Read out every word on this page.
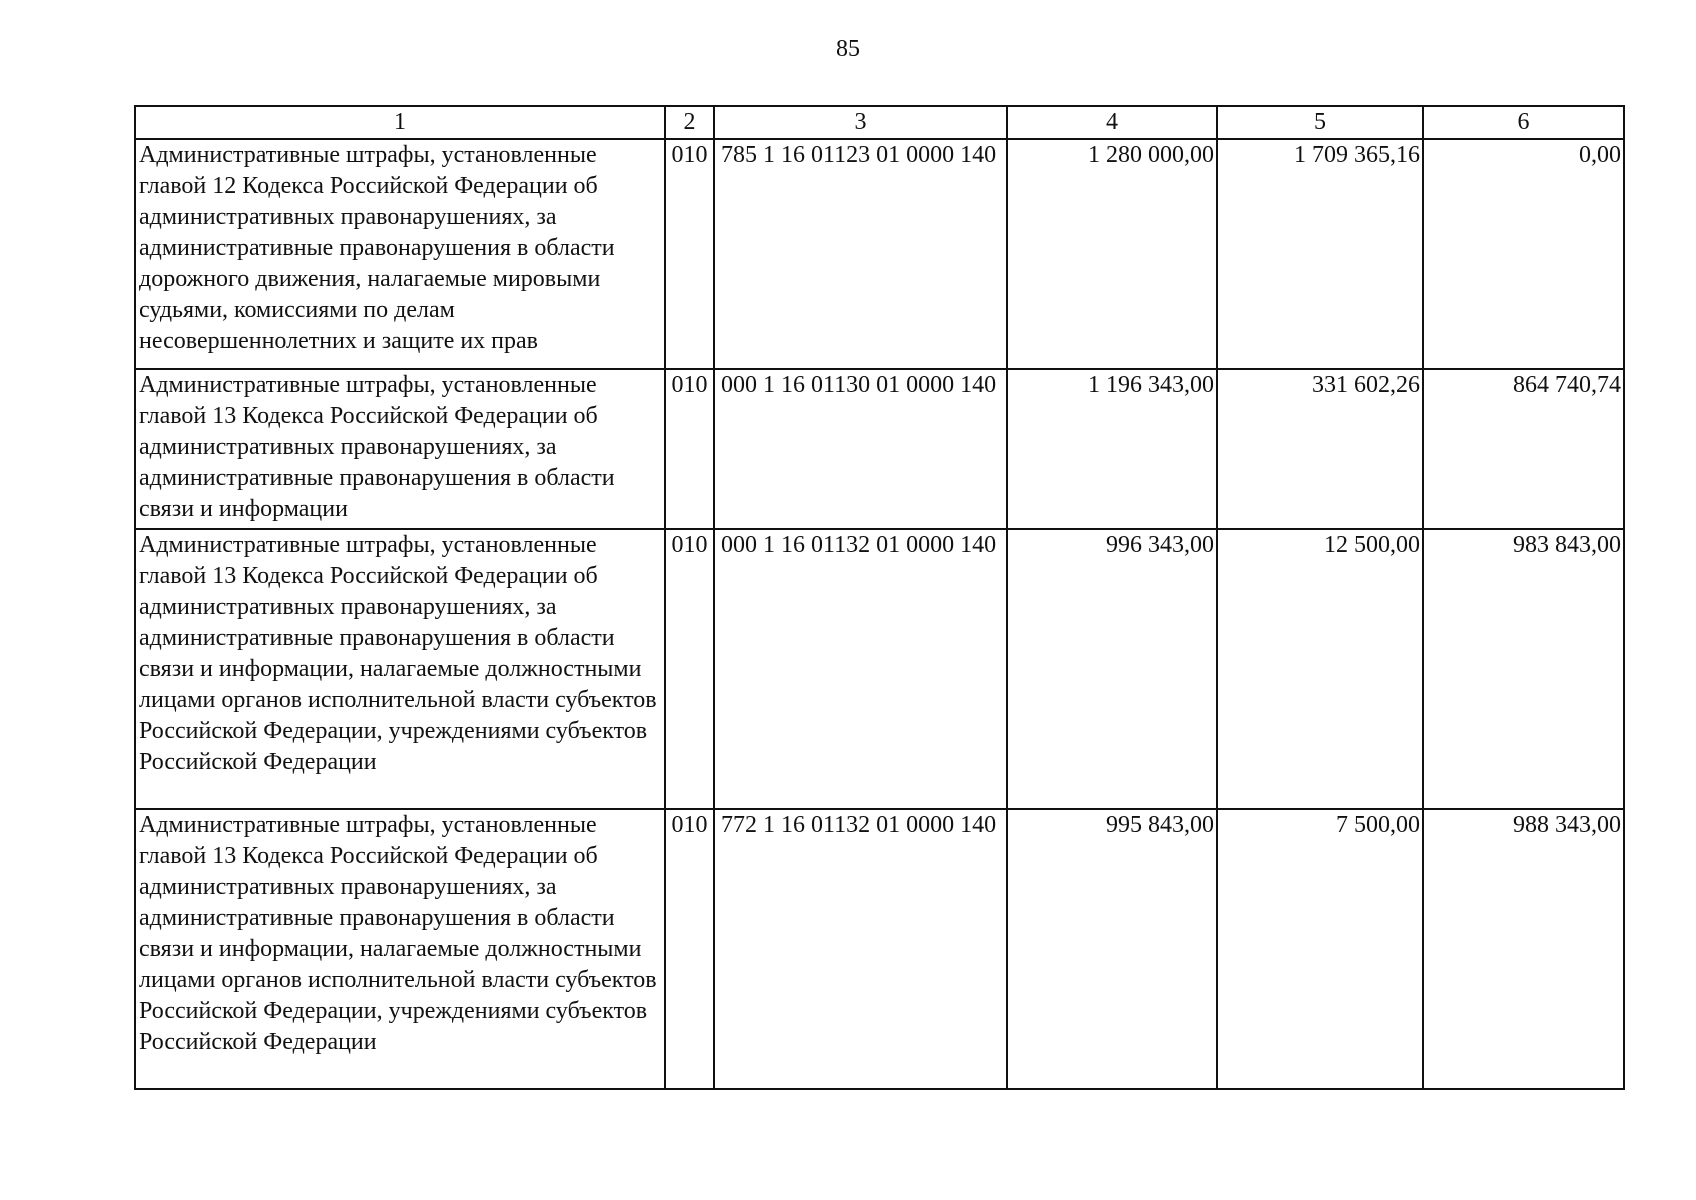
85
1	2	3	4	5	6
Административные штрафы, установленные главой 12 Кодекса Российской Федерации об административных правонарушениях, за административные правонарушения в области дорожного движения, налагаемые мировыми судьями, комиссиями по делам несовершеннолетних и защите их прав	010	785 1 16 01123 01 0000 140	1 280 000,00	1 709 365,16	0,00
Административные штрафы, установленные главой 13 Кодекса Российской Федерации об административных правонарушениях, за административные правонарушения в области связи и информации	010	000 1 16 01130 01 0000 140	1 196 343,00	331 602,26	864 740,74
Административные штрафы, установленные главой 13 Кодекса Российской Федерации об административных правонарушениях, за административные правонарушения в области связи и информации, налагаемые должностными лицами органов исполнительной власти субъектов Российской Федерации, учреждениями субъектов Российской Федерации	010	000 1 16 01132 01 0000 140	996 343,00	12 500,00	983 843,00
Административные штрафы, установленные главой 13 Кодекса Российской Федерации об административных правонарушениях, за административные правонарушения в области связи и информации, налагаемые должностными лицами органов исполнительной власти субъектов Российской Федерации, учреждениями субъектов Российской Федерации	010	772 1 16 01132 01 0000 140	995 843,00	7 500,00	988 343,00
